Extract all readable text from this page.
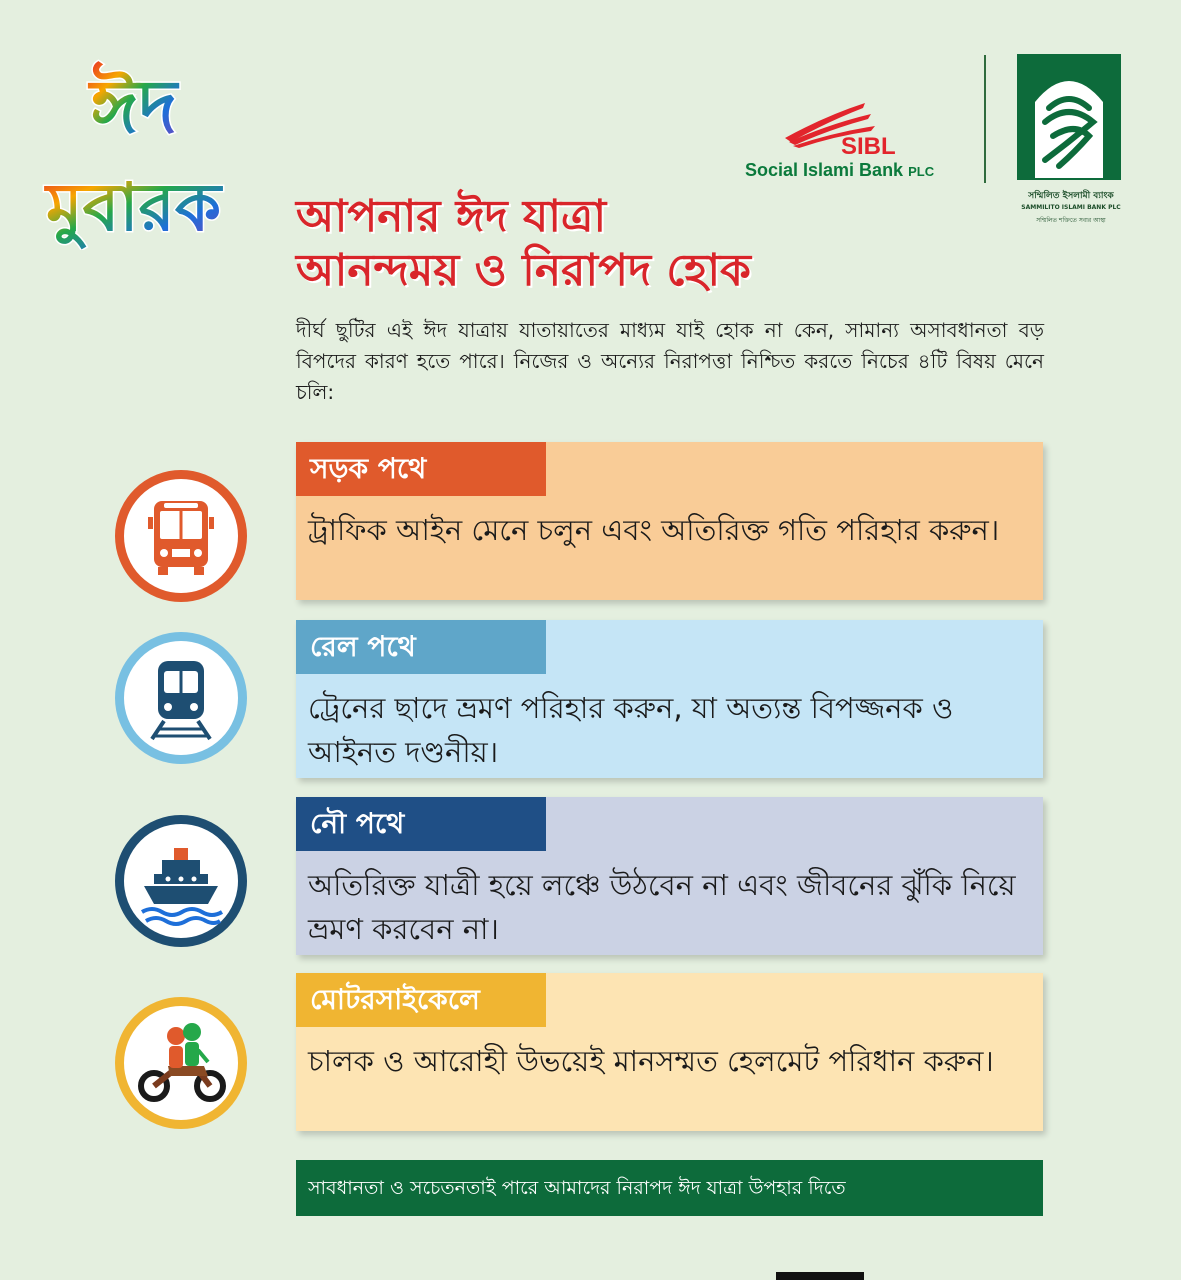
ঈদ
মুবারক
SIBL
Social Islami Bank PLC
সম্মিলিত ইসলামী ব্যাংক
SAMMILITO ISLAMI BANK PLC
সম্মিলিত শক্তিতে সবার আস্থা
আপনার ঈদ যাত্রা
আনন্দময় ও নিরাপদ হোক
দীর্ঘ ছুটির এই ঈদ যাত্রায় যাতায়াতের মাধ্যম যাই হোক না কেন, সামান্য অসাবধানতা বড় বিপদের কারণ হতে পারে। নিজের ও অন্যের নিরাপত্তা নিশ্চিত করতে নিচের ৪টি বিষয় মেনে চলি:
সড়ক পথে
ট্রাফিক আইন মেনে চলুন এবং অতিরিক্ত গতি পরিহার করুন।
রেল পথে
ট্রেনের ছাদে ভ্রমণ পরিহার করুন, যা অত্যন্ত বিপজ্জনক ও আইনত দণ্ডনীয়।
নৌ পথে
অতিরিক্ত যাত্রী হয়ে লঞ্চে উঠবেন না এবং জীবনের ঝুঁকি নিয়ে ভ্রমণ করবেন না।
মোটরসাইকেলে
চালক ও আরোহী উভয়েই মানসম্মত হেলমেট পরিধান করুন।
সাবধানতা ও সচেতনতাই পারে আমাদের নিরাপদ ঈদ যাত্রা উপহার দিতে
